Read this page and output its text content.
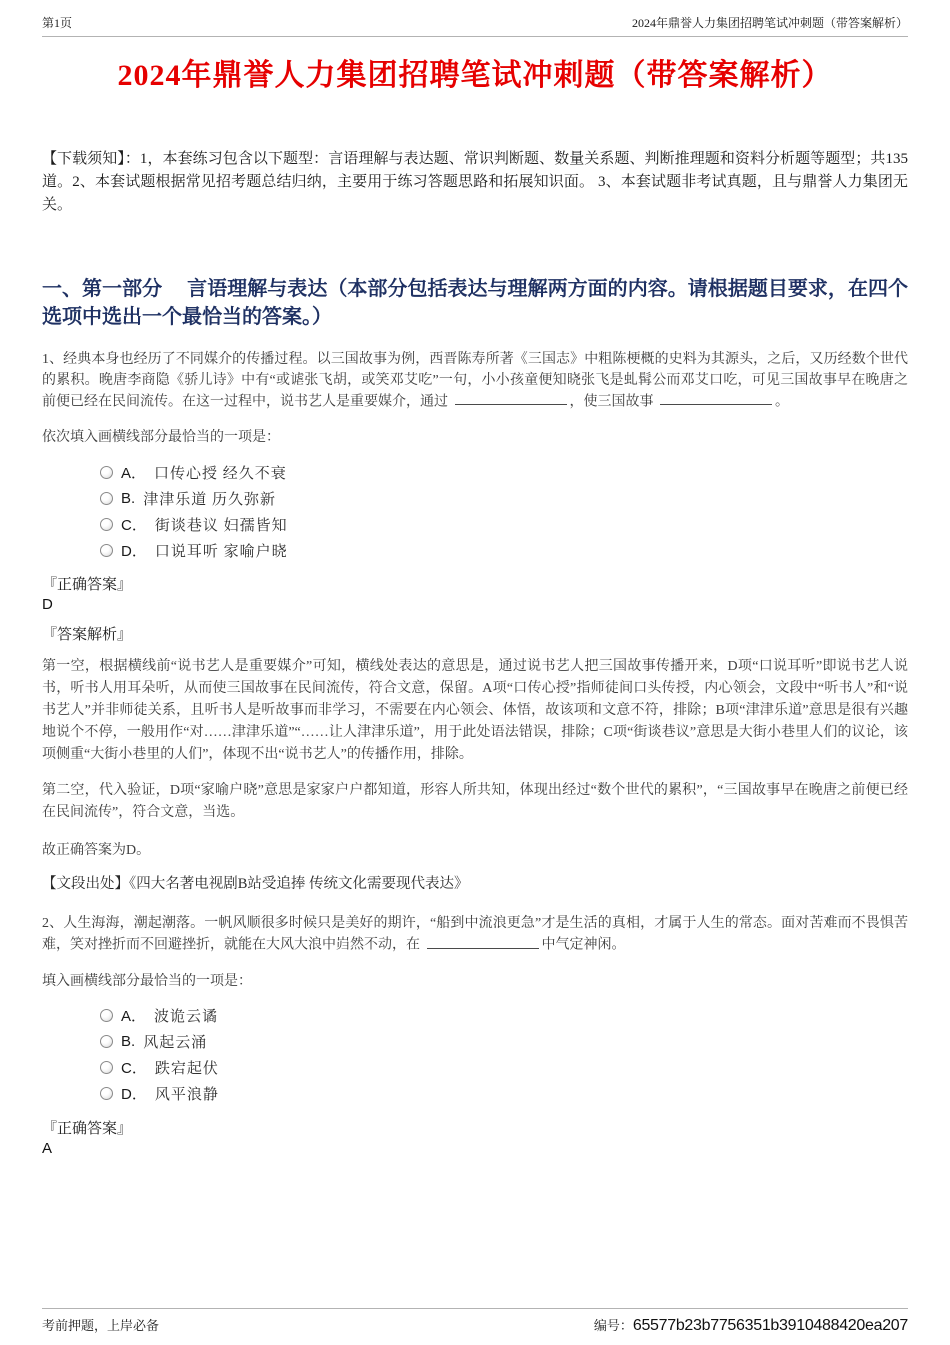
第1页	2024年鼎誉人力集团招聘笔试冲刺题（带答案解析）
2024年鼎誉人力集团招聘笔试冲刺题（带答案解析）

【下载须知】：1，本套练习包含以下题型：言语理解与表达题、常识判断题、数量关系题、判断推理题和资料分析题等题型；共135道。2、本套试题根据常见招考题总结归纳，主要用于练习答题思路和拓展知识面。 3、本套试题非考试真题，且与鼎誉人力集团无关。

一、第一部分　 言语理解与表达（本部分包括表达与理解两方面的内容。请根据题目要求，在四个选项中选出一个最恰当的答案。）

1、经典本身也经历了不同媒介的传播过程。以三国故事为例，西晋陈寿所著《三国志》中粗陈梗概的史料为其源头，之后，又历经数个世代的累积。晚唐李商隐《骄儿诗》中有“或谑张飞胡，或笑邓艾吃”一句，小小孩童便知晓张飞是虬髯公而邓艾口吃，可见三国故事早在晚唐之前便已经在民间流传。在这一过程中，说书艺人是重要媒介，通过	，使三国故事	。

依次填入画横线部分最恰当的一项是：

A． 口传心授 经久不衰
B. 津津乐道 历久弥新
C． 街谈巷议 妇孺皆知
D． 口说耳听 家喻户晓
『正确答案』
D
『答案解析』

第一空，根据横线前“说书艺人是重要媒介”可知，横线处表达的意思是，通过说书艺人把三国故事传播开来，D项“口说耳听”即说书艺人说书，听书人用耳朵听，从而使三国故事在民间流传，符合文意，保留。A项“口传心授”指师徒间口头传授，内心领会，文段中“听书人”和“说书艺人”并非师徒关系，且听书人是听故事而非学习，不需要在内心领会、体悟，故该项和文意不符，排除；B项“津津乐道”意思是很有兴趣地说个不停，一般用作“对……津津乐道”“……让人津津乐道”，用于此处语法错误，排除；C项“街谈巷议”意思是大街小巷里人们的议论，该项侧重“大街小巷里的人们”，体现不出“说书艺人”的传播作用，排除。

第二空，代入验证，D项“家喻户晓”意思是家家户户都知道，形容人所共知，体现出经过“数个世代的累积”，“三国故事早在晚唐之前便已经在民间流传”，符合文意，当选。

故正确答案为D。

【文段出处】《四大名著电视剧B站受追捧 传统文化需要现代表达》

2、人生海海，潮起潮落。一帆风顺很多时候只是美好的期许，“船到中流浪更急”才是生活的真相，才属于人生的常态。面对苦难而不畏惧苦难，笑对挫折而不回避挫折，就能在大风大浪中岿然不动，在	中气定神闲。

填入画横线部分最恰当的一项是：

A． 波诡云谲
B. 风起云涌
C． 跌宕起伏
D． 风平浪静
『正确答案』
A
考前押题，上岸必备	编号： 65577b23b7756351b3910488420ea207
